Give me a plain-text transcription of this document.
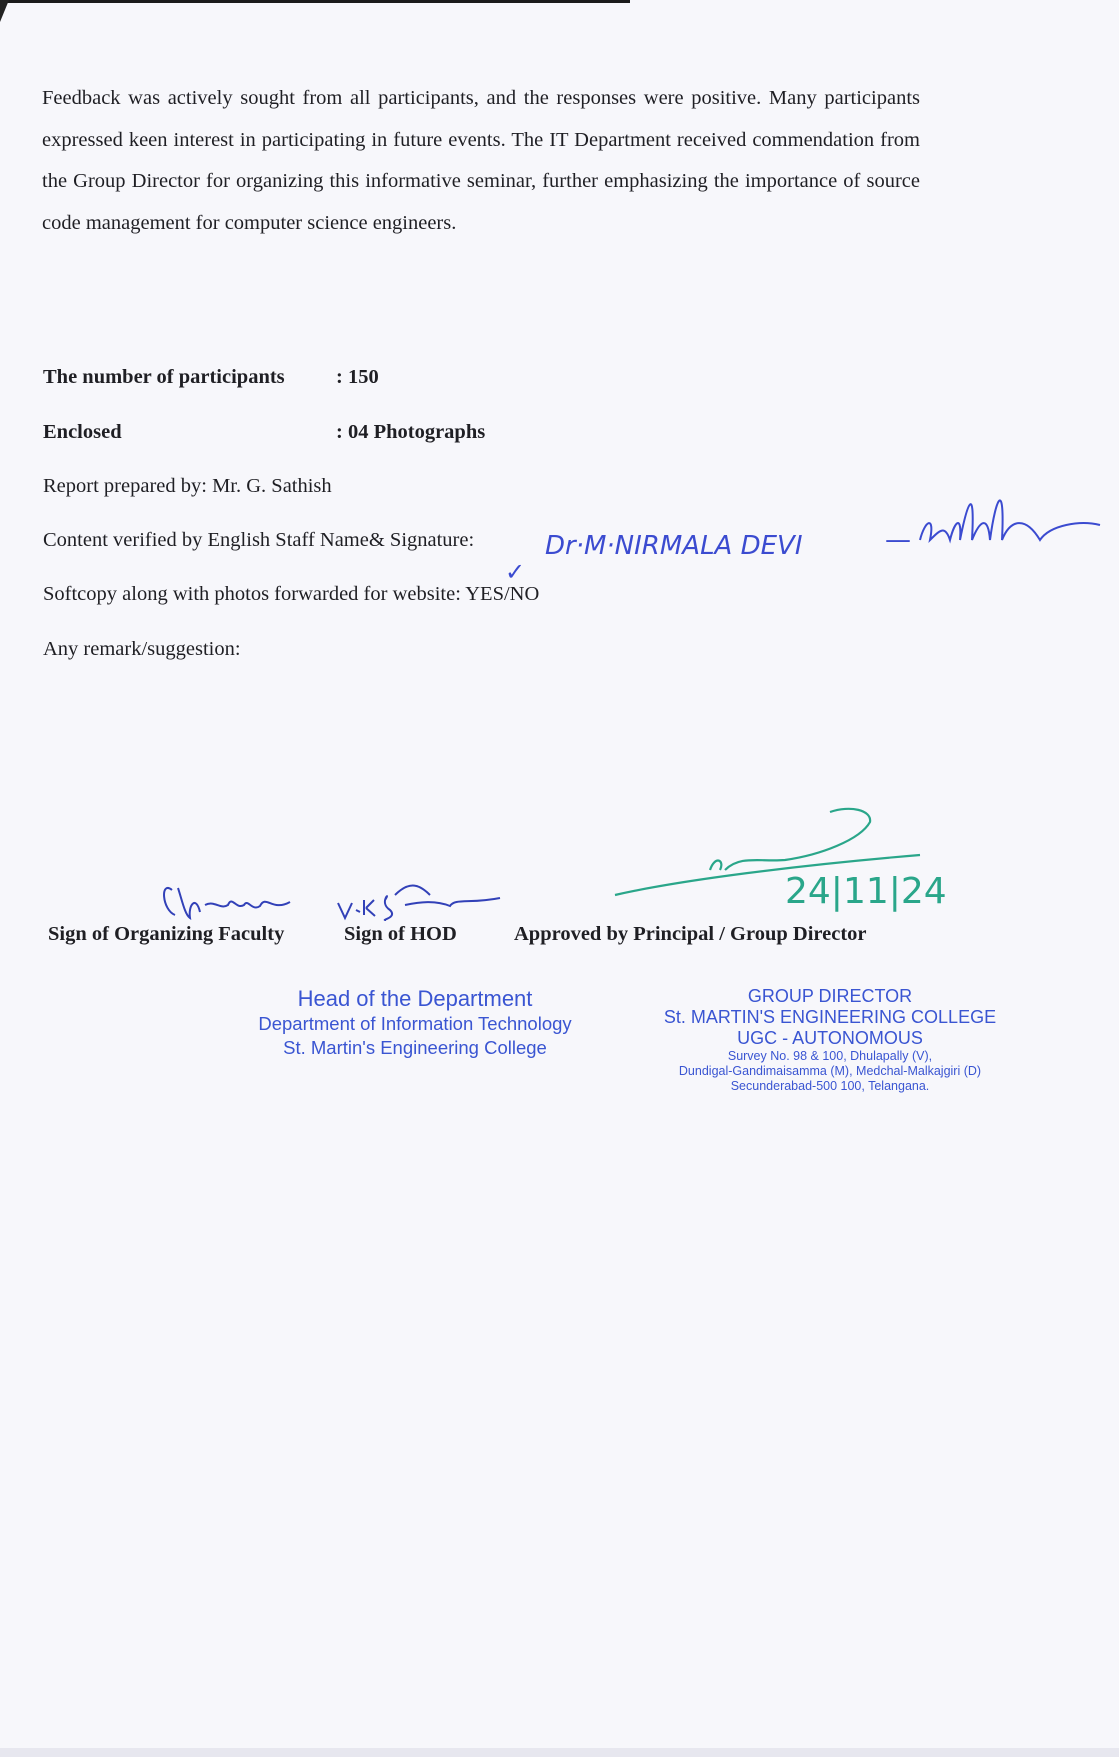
Feedback was actively sought from all participants, and the responses were positive. Many participants expressed keen interest in participating in future events. The IT Department received commendation from the Group Director for organizing this informative seminar, further emphasizing the importance of source code management for computer science engineers.

The number of participants	: 150
Enclosed	: 04 Photographs
Report prepared by: Mr. G. Sathish
Content verified by English Staff Name& Signature:
Softcopy along with photos forwarded for website: YES/NO
Any remark/suggestion:
Sign of Organizing Faculty	Sign of HOD	Approved by Principal / Group Director
Head of the Department
Department of Information Technology
St. Martin's Engineering College
GROUP DIRECTOR
St. MARTIN'S ENGINEERING COLLEGE
UGC - AUTONOMOUS
Survey No. 98 & 100, Dhulapally (V),
Dundigal-Gandimaisamma (M), Medchal-Malkajgiri (D)
Secunderabad-500 100, Telangana.
Dr·M·NIRMALA DEVI	—
✓
24|11|24
